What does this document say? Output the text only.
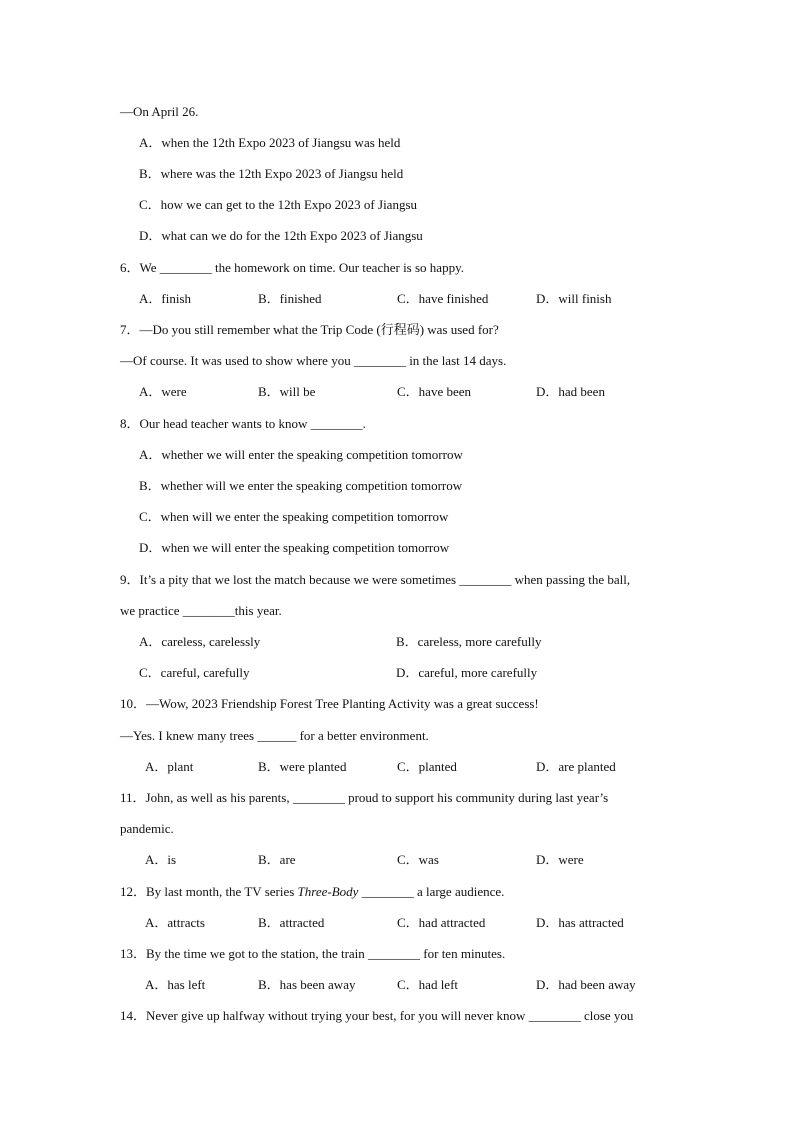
—On April 26.
A．when the 12th Expo 2023 of Jiangsu was held
B．where was the 12th Expo 2023 of Jiangsu held
C．how we can get to the 12th Expo 2023 of Jiangsu
D．what can we do for the 12th Expo 2023 of Jiangsu
6．We ________ the homework on time. Our teacher is so happy.
A．finish	B．finished	C．have finished	D．will finish
7．—Do you still remember what the Trip Code (行程码) was used for?
—Of course. It was used to show where you ________ in the last 14 days.
A．were	B．will be	C．have been	D．had been
8．Our head teacher wants to know ________.
A．whether we will enter the speaking competition tomorrow
B．whether will we enter the speaking competition tomorrow
C．when will we enter the speaking competition tomorrow
D．when we will enter the speaking competition tomorrow
9．It’s a pity that we lost the match because we were sometimes ________ when passing the ball,
we practice ________this year.
A．careless, carelessly	B．careless, more carefully
C．careful, carefully	D．careful, more carefully
10．—Wow, 2023 Friendship Forest Tree Planting Activity was a great success!
—Yes. I knew many trees ______ for a better environment.
A．plant	B．were planted	C．planted	D．are planted
11．John, as well as his parents, ________ proud to support his community during last year’s
pandemic.
A．is	B．are	C．was	D．were
12．By last month, the TV series Three-Body ________ a large audience.
A．attracts	B．attracted	C．had attracted	D．has attracted
13．By the time we got to the station, the train ________ for ten minutes.
A．has left	B．has been away	C．had left	D．had been away
14．Never give up halfway without trying your best, for you will never know ________ close you
